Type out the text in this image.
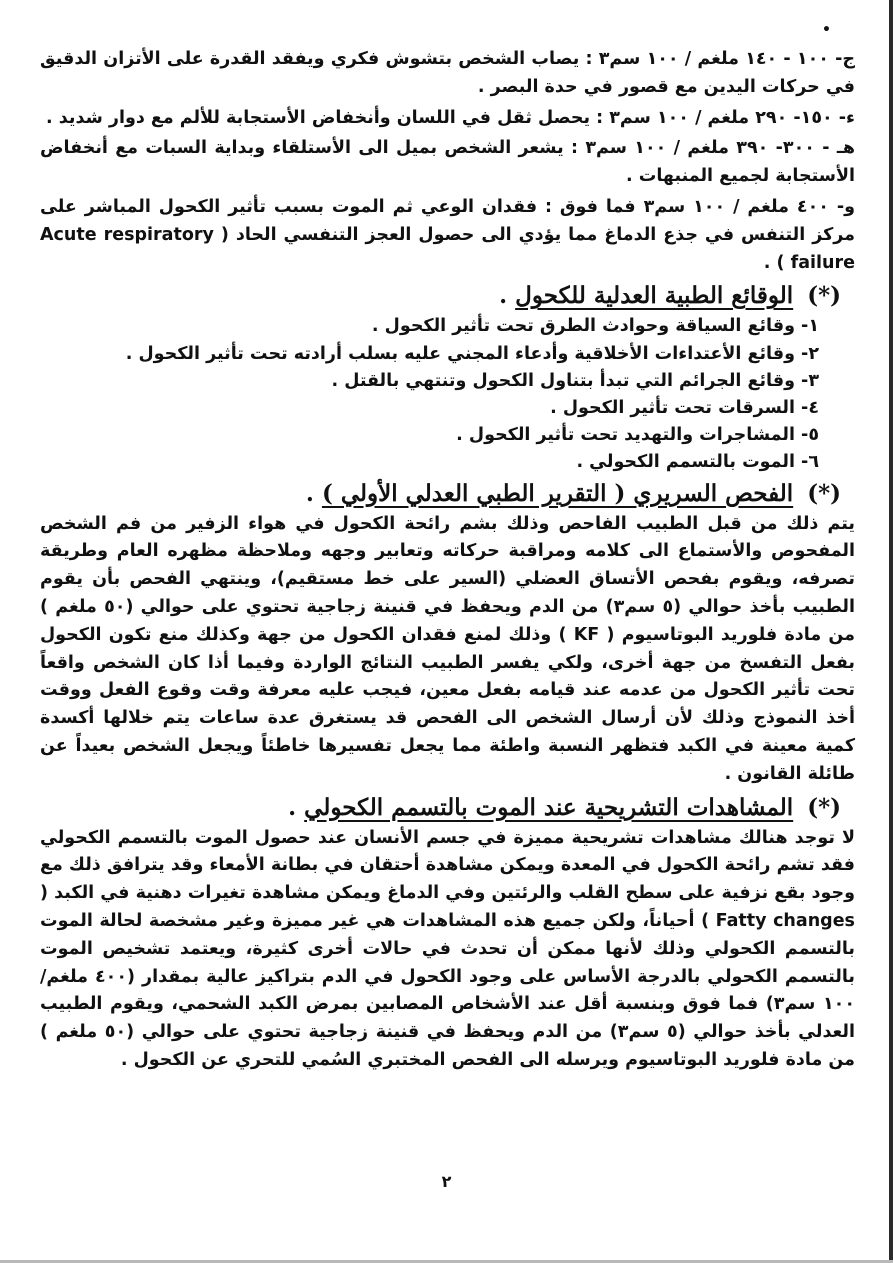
•

ج- ١٠٠ - ١٤٠ ملغم / ١٠٠ سم٣ : يصاب الشخص بتشوش فكري ويفقد القدرة على الأتزان الدقيق في حركات اليدين مع قصور في حدة البصر .

ء- ١٥٠- ٢٩٠ ملغم / ١٠٠ سم٣ : يحصل ثقل في اللسان وأنخفاض الأستجابة للألم مع دوار شديد .

هـ - ٣٠٠- ٣٩٠ ملغم / ١٠٠ سم٣ : يشعر الشخص بميل الى الأستلقاء وبداية السبات مع أنخفاض الأستجابة لجميع المنبهات .

و- ٤٠٠ ملغم / ١٠٠ سم٣ فما فوق : فقدان الوعي ثم الموت بسبب تأثير الكحول المباشر على مركز التنفس في جذع الدماغ مما يؤدي الى حصول العجز التنفسي الحاد ( Acute respiratory failure ) .

(*) الوقائع الطبية العدلية للكحول .
١- وقائع السياقة وحوادث الطرق تحت تأثير الكحول .
٢- وقائع الأعتداءات الأخلاقية وأدعاء المجني عليه بسلب أرادته تحت تأثير الكحول .
٣- وقائع الجرائم التي تبدأ بتناول الكحول وتنتهي بالقتل .
٤- السرقات تحت تأثير الكحول .
٥- المشاجرات والتهديد تحت تأثير الكحول .
٦- الموت بالتسمم الكحولي .
(*) الفحص السريري ( التقرير الطبي العدلي الأولي ) .

يتم ذلك من قبل الطبيب الفاحص وذلك بشم رائحة الكحول في هواء الزفير من فم الشخص المفحوص والأستماع الى كلامه ومراقبة حركاته وتعابير وجهه وملاحظة مظهره العام وطريقة تصرفه، ويقوم بفحص الأتساق العضلي (السير على خط مستقيم)، وينتهي الفحص بأن يقوم الطبيب بأخذ حوالي (٥ سم٣) من الدم ويحفظ في قنينة زجاجية تحتوي على حوالي (٥٠ ملغم ) من مادة فلوريد البوتاسيوم ( KF ) وذلك لمنع فقدان الكحول من جهة وكذلك منع تكون الكحول بفعل التفسخ من جهة أخرى، ولكي يفسر الطبيب النتائج الواردة وفيما أذا كان الشخص واقعاً تحت تأثير الكحول من عدمه عند قيامه بفعل معين، فيجب عليه معرفة وقت وقوع الفعل ووقت أخذ النموذج وذلك لأن أرسال الشخص الى الفحص قد يستغرق عدة ساعات يتم خلالها أكسدة كمية معينة في الكبد فتظهر النسبة واطئة مما يجعل تفسيرها خاطئاً ويجعل الشخص بعيداً عن طائلة القانون .

(*) المشاهدات التشريحية عند الموت بالتسمم الكحولي .

لا توجد هنالك مشاهدات تشريحية مميزة في جسم الأنسان عند حصول الموت بالتسمم الكحولي فقد تشم رائحة الكحول في المعدة ويمكن مشاهدة أحتقان في بطانة الأمعاء وقد يترافق ذلك مع وجود بقع نزفية على سطح القلب والرئتين وفي الدماغ ويمكن مشاهدة تغيرات دهنية في الكبد ( Fatty changes ) أحياناً، ولكن جميع هذه المشاهدات هي غير مميزة وغير مشخصة لحالة الموت بالتسمم الكحولي وذلك لأنها ممكن أن تحدث في حالات أخرى كثيرة، ويعتمد تشخيص الموت بالتسمم الكحولي بالدرجة الأساس على وجود الكحول في الدم بتراكيز عالية بمقدار (٤٠٠ ملغم/١٠٠ سم٣) فما فوق وبنسبة أقل عند الأشخاص المصابين بمرض الكبد الشحمي، ويقوم الطبيب العدلي بأخذ حوالي (٥ سم٣) من الدم ويحفظ في قنينة زجاجية تحتوي على حوالي (٥٠ ملغم ) من مادة فلوريد البوتاسيوم ويرسله الى الفحص المختبري السُمي للتحري عن الكحول .

٢
